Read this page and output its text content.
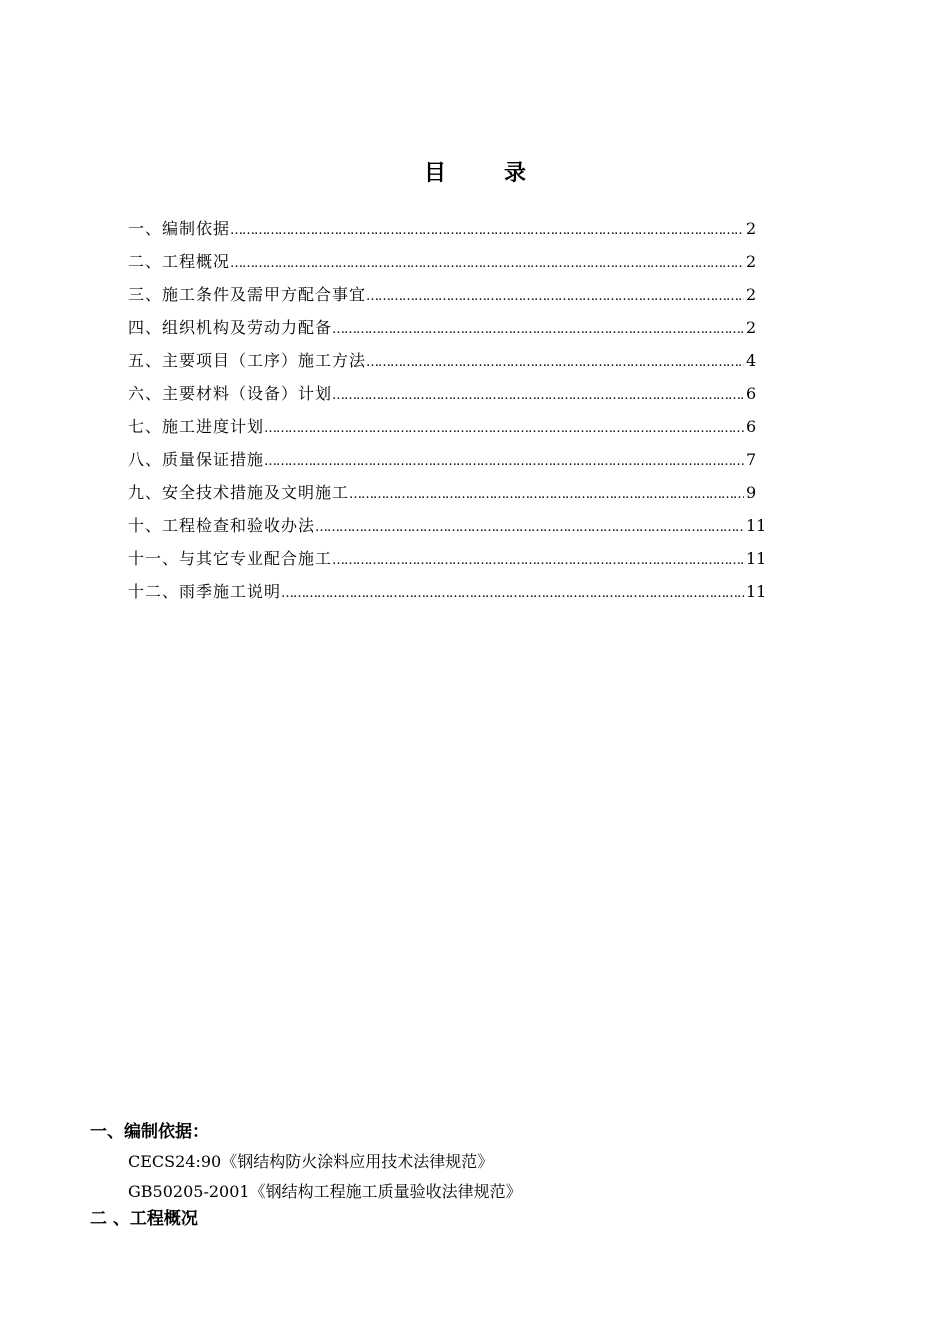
目	录
一、编制依据 ……………………………………………………………………………………………………………………………………………………………………	2
二、工程概况 ……………………………………………………………………………………………………………………………………………………………………	2
三、施工条件及需甲方配合事宜 ……………………………………………………………………………………………………………………………………………………………………	2
四、组织机构及劳动力配备 ……………………………………………………………………………………………………………………………………………………………………	2
五、主要项目（工序）施工方法 ……………………………………………………………………………………………………………………………………………………………………	4
六、主要材料（设备）计划 ……………………………………………………………………………………………………………………………………………………………………	6
七、施工进度计划 ……………………………………………………………………………………………………………………………………………………………………	6
八、质量保证措施 ……………………………………………………………………………………………………………………………………………………………………	7
九、安全技术措施及文明施工 ……………………………………………………………………………………………………………………………………………………………………	9
十、工程检查和验收办法 ……………………………………………………………………………………………………………………………………………………………………	11
十一、与其它专业配合施工 ……………………………………………………………………………………………………………………………………………………………………	11
十二、雨季施工说明 ……………………………………………………………………………………………………………………………………………………………………	11
一、编制依据：
CECS24:90《钢结构防火涂料应用技术法律规范》
GB50205-2001《钢结构工程施工质量验收法律规范》
二 、工程概况
